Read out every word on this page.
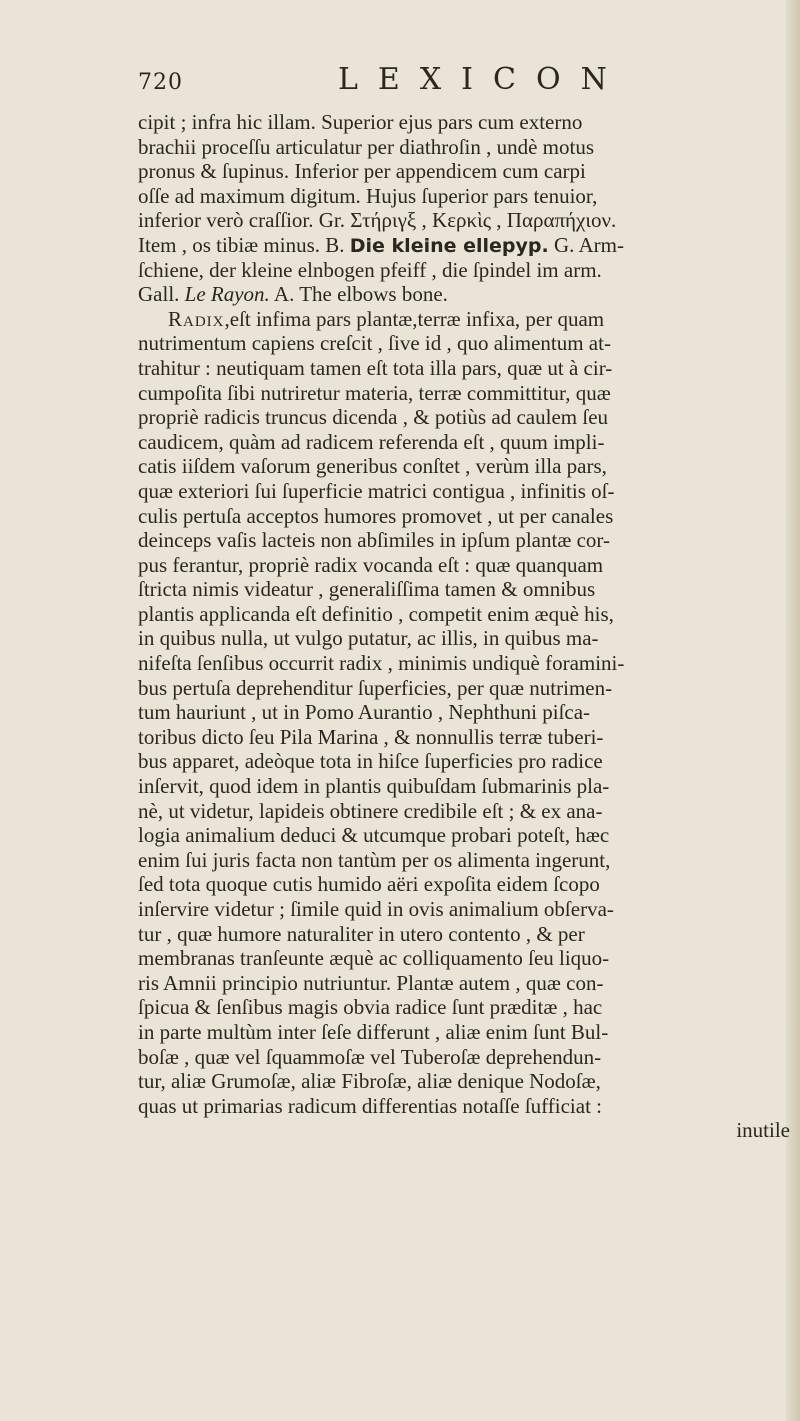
720	LEXICON
cipit ; infra hic illam. Superior ejus pars cum externo
brachii proceſſu articulatur per diathroſin , undè motus
pronus & ſupinus. Inferior per appendicem cum carpi
oſſe ad maximum digitum. Hujus ſuperior pars tenuior,
inferior verò craſſior. Gr. Στήριγξ , Κερκὶς , Παραπήχιον.
Item , os tibiæ minus. B. Die kleine ellepyp. G. Arm-
ſchiene, der kleine elnbogen pfeiff , die ſpindel im arm.
Gall. Le Rayon. A. The elbows bone.
Radix,eſt infima pars plantæ,terræ infixa, per quam
nutrimentum capiens creſcit , ſive id , quo alimentum at-
trahitur : neutiquam tamen eſt tota illa pars, quæ ut à cir-
cumpoſita ſibi nutriretur materia, terræ committitur, quæ
propriè radicis truncus dicenda , & potiùs ad caulem ſeu
caudicem, quàm ad radicem referenda eſt , quum impli-
catis iiſdem vaſorum generibus conſtet , verùm illa pars,
quæ exteriori ſui ſuperficie matrici contigua , infinitis oſ-
culis pertuſa acceptos humores promovet , ut per canales
deinceps vaſis lacteis non abſimiles in ipſum plantæ cor-
pus ferantur, propriè radix vocanda eſt : quæ quanquam
ſtricta nimis videatur , generaliſſima tamen & omnibus
plantis applicanda eſt definitio , competit enim æquè his,
in quibus nulla, ut vulgo putatur, ac illis, in quibus ma-
nifeſta ſenſibus occurrit radix , minimis undiquè foramini-
bus pertuſa deprehenditur ſuperficies, per quæ nutrimen-
tum hauriunt , ut in Pomo Aurantio , Nephthuni piſca-
toribus dicto ſeu Pila Marina , & nonnullis terræ tuberi-
bus apparet, adeòque tota in hiſce ſuperficies pro radice
inſervit, quod idem in plantis quibuſdam ſubmarinis pla-
nè, ut videtur, lapideis obtinere credibile eſt ; & ex ana-
logia animalium deduci & utcumque probari poteſt, hæc
enim ſui juris facta non tantùm per os alimenta ingerunt,
ſed tota quoque cutis humido aëri expoſita eidem ſcopo
inſervire videtur ; ſimile quid in ovis animalium obſerva-
tur , quæ humore naturaliter in utero contento , & per
membranas tranſeunte æquè ac colliquamento ſeu liquo-
ris Amnii principio nutriuntur. Plantæ autem , quæ con-
ſpicua & ſenſibus magis obvia radice ſunt præditæ , hac
in parte multùm inter ſeſe differunt , aliæ enim ſunt Bul-
boſæ , quæ vel ſquammoſæ vel Tuberoſæ deprehendun-
tur, aliæ Grumoſæ, aliæ Fibroſæ, aliæ denique Nodoſæ,
quas ut primarias radicum differentias notaſſe ſufficiat :
inutile
